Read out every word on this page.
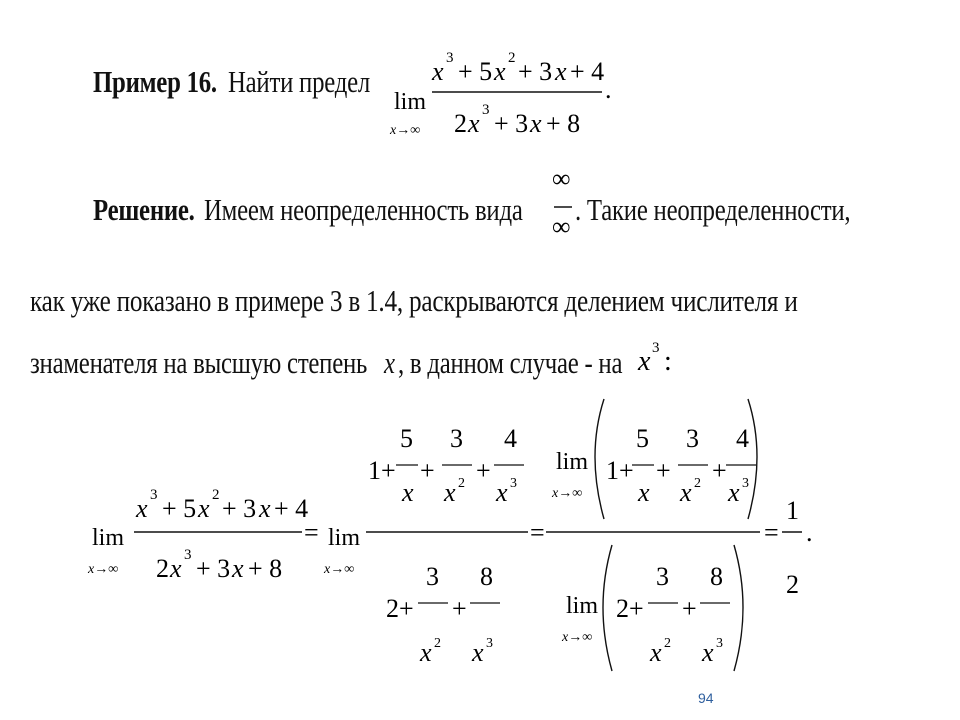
Пример 16. Найти предел
lim
x→∞
x 3 + 5 x 2 + 3 x + 4
2 x 3 + 3 x + 8
.
Решение. Имеем неопределенность вида
∞
∞ . Такие неопределенности,
как уже показано в примере 3 в 1.4, раскрываются делением числителя и
знаменателя на высшую степень x , в данном случае - на x 3 :
lim
x→∞
x 3 + 5 x 2 + 3 x + 4
2 x 3 + 3 x + 8
= lim
x→∞
1+
5
x
+
3
x 2 +
4
x 3
2+
3
x 2
+
8
x 3
=
lim
x→∞
1+
5
x
+
3
x 2 +
4
x 3
lim
x→∞
2+
3
x 2
+
8
x 3
=
1
2
.
94
